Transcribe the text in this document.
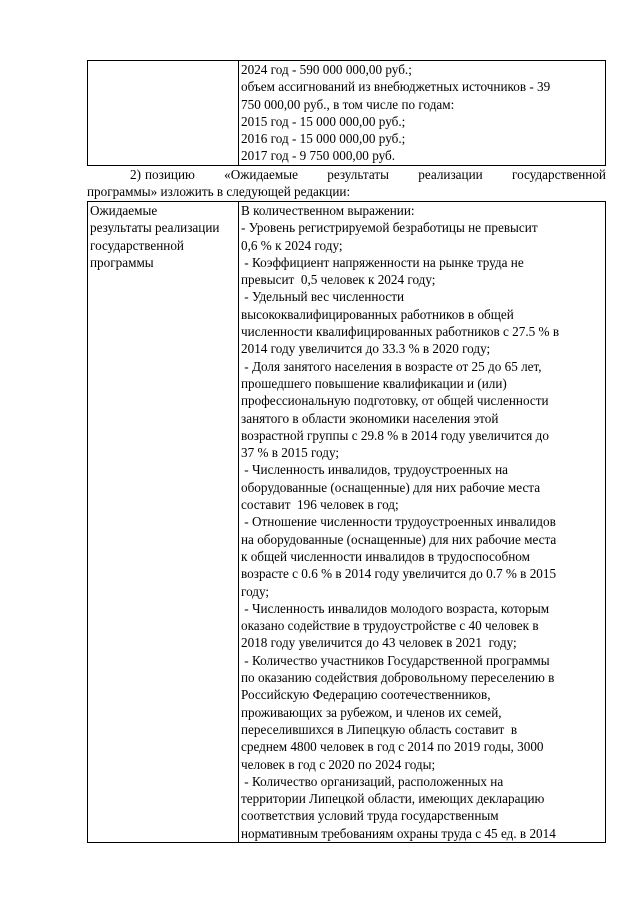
2024 год - 590 000 000,00 руб.;
объем ассигнований из внебюджетных источников - 39
750 000,00 руб., в том числе по годам:
2015 год - 15 000 000,00 руб.;
2016 год - 15 000 000,00 руб.;
2017 год - 9 750 000,00 руб.
2) позицию «Ожидаемые результаты реализации государственной
программы» изложить в следующей редакции:
Ожидаемые
результаты реализации
государственной
программы

В количественном выражении:
- Уровень регистрируемой безработицы не превысит
0,6 % к 2024 году;
- Коэффициент напряженности на рынке труда не
превысит  0,5 человек к 2024 году;
- Удельный вес численности
высококвалифицированных работников в общей
численности квалифицированных работников с 27.5 % в
2014 году увеличится до 33.3 % в 2020 году;
- Доля занятого населения в возрасте от 25 до 65 лет,
прошедшего повышение квалификации и (или)
профессиональную подготовку, от общей численности
занятого в области экономики населения этой
возрастной группы с 29.8 % в 2014 году увеличится до
37 % в 2015 году;
- Численность инвалидов, трудоустроенных на
оборудованные (оснащенные) для них рабочие места
составит  196 человек в год;
- Отношение численности трудоустроенных инвалидов
на оборудованные (оснащенные) для них рабочие места
к общей численности инвалидов в трудоспособном
возрасте с 0.6 % в 2014 году увеличится до 0.7 % в 2015
году;
- Численность инвалидов молодого возраста, которым
оказано содействие в трудоустройстве с 40 человек в
2018 году увеличится до 43 человек в 2021  году;
- Количество участников Государственной программы
по оказанию содействия добровольному переселению в
Российскую Федерацию соотечественников,
проживающих за рубежом, и членов их семей,
переселившихся в Липецкую область составит  в
среднем 4800 человек в год с 2014 по 2019 годы, 3000
человек в год с 2020 по 2024 годы;
- Количество организаций, расположенных на
территории Липецкой области, имеющих декларацию
соответствия условий труда государственным
нормативным требованиям охраны труда с 45 ед. в 2014
